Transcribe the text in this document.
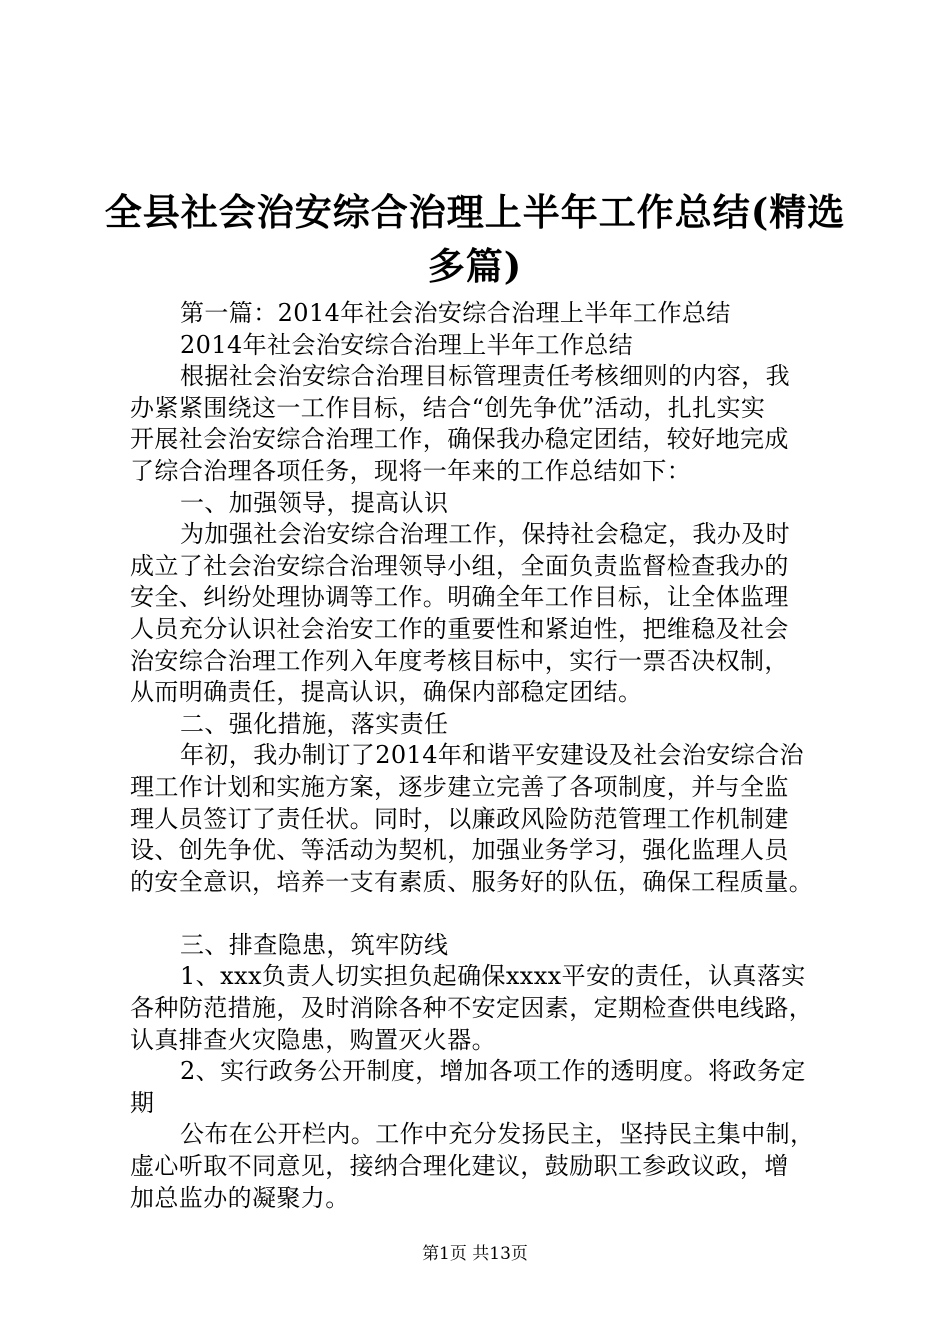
全县社会治安综合治理上半年工作总结(精选
多篇)
第一篇：2014年社会治安综合治理上半年工作总结
2014年社会治安综合治理上半年工作总结
根据社会治安综合治理目标管理责任考核细则的内容，我
办紧紧围绕这一工作目标，结合“创先争优”活动，扎扎实实
开展社会治安综合治理工作，确保我办稳定团结，较好地完成
了综合治理各项任务，现将一年来的工作总结如下：
一、加强领导，提高认识
为加强社会治安综合治理工作，保持社会稳定，我办及时
成立了社会治安综合治理领导小组，全面负责监督检查我办的
安全、纠纷处理协调等工作。明确全年工作目标，让全体监理
人员充分认识社会治安工作的重要性和紧迫性，把维稳及社会
治安综合治理工作列入年度考核目标中，实行一票否决权制，
从而明确责任，提高认识，确保内部稳定团结。
二、强化措施，落实责任
年初，我办制订了2014年和谐平安建设及社会治安综合治
理工作计划和实施方案，逐步建立完善了各项制度，并与全监
理人员签订了责任状。同时，以廉政风险防范管理工作机制建
设、创先争优、等活动为契机，加强业务学习，强化监理人员
的安全意识，培养一支有素质、服务好的队伍，确保工程质量。
三、排查隐患，筑牢防线
1、xxx负责人切实担负起确保xxxx平安的责任，认真落实
各种防范措施，及时消除各种不安定因素，定期检查供电线路，
认真排查火灾隐患，购置灭火器。
2、实行政务公开制度，增加各项工作的透明度。将政务定
期
公布在公开栏内。工作中充分发扬民主，坚持民主集中制，
虚心听取不同意见，接纳合理化建议，鼓励职工参政议政，增
加总监办的凝聚力。
第1页 共13页
